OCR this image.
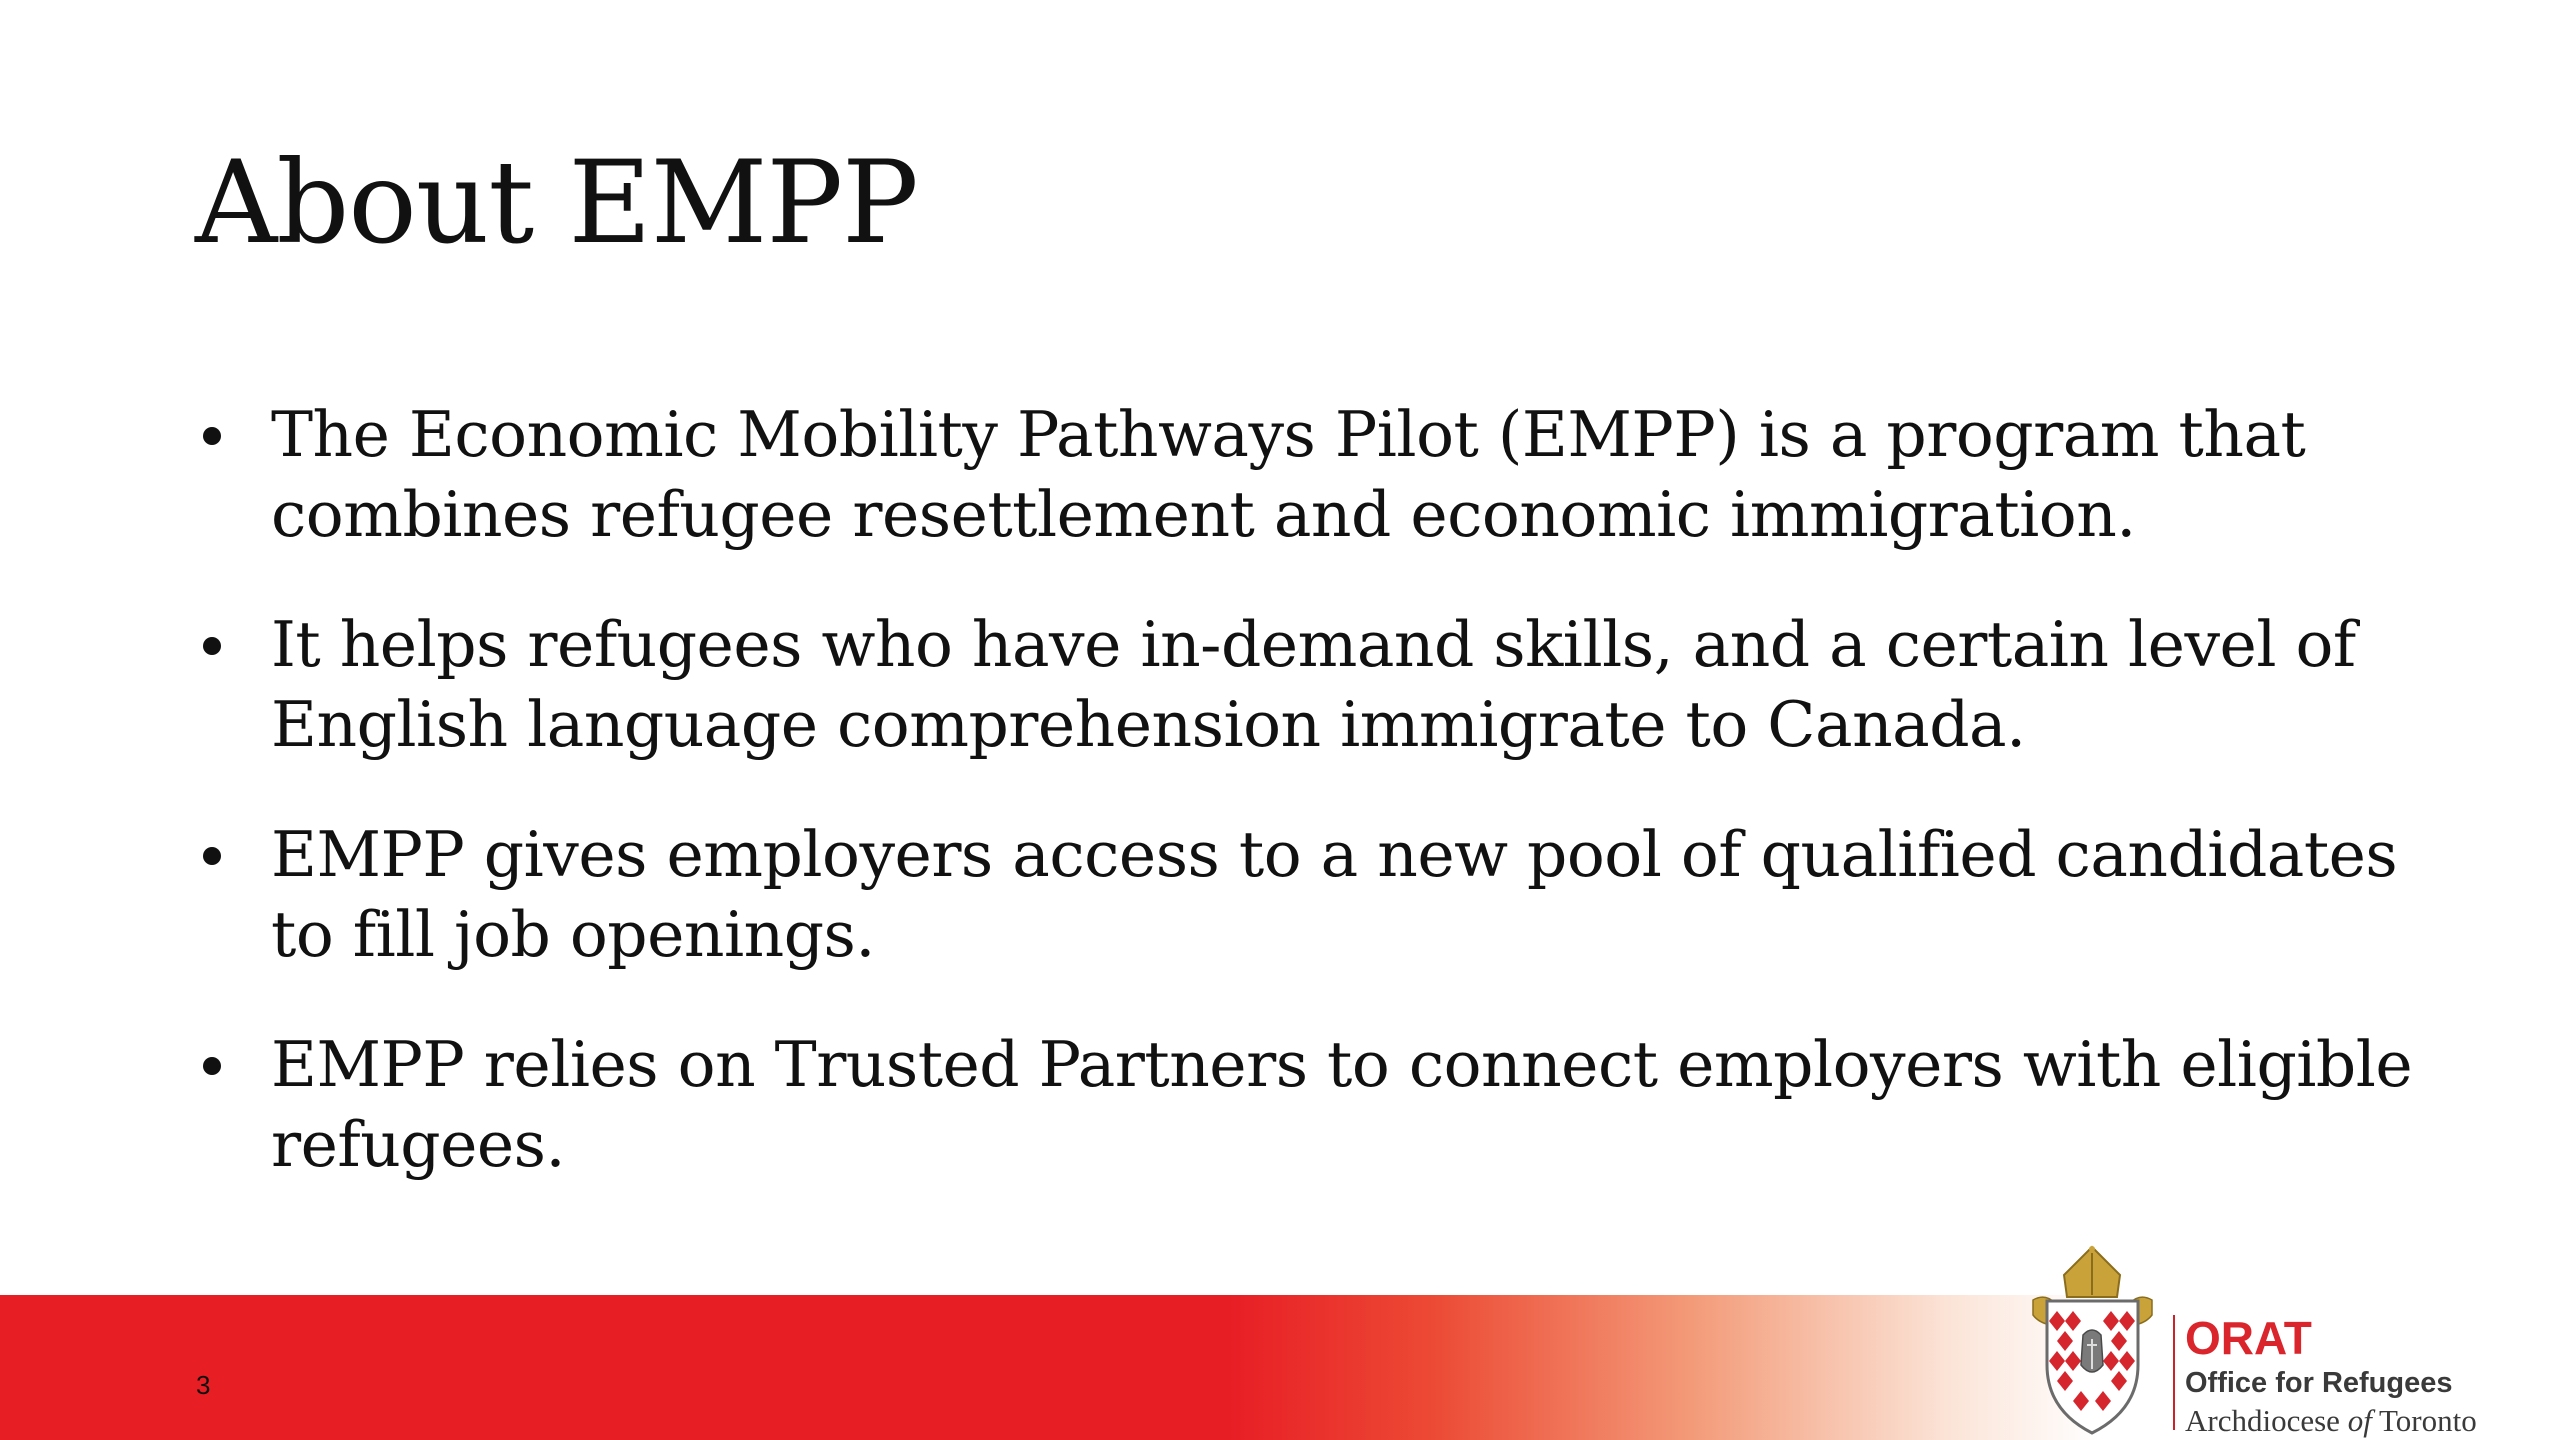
About EMPP
The Economic Mobility Pathways Pilot (EMPP) is a program that combines refugee resettlement and economic immigration.
It helps refugees who have in-demand skills, and a certain level of English language comprehension immigrate to Canada.
EMPP gives employers access to a new pool of qualified candidates to fill job openings.
EMPP relies on Trusted Partners to connect employers with eligible refugees.
3
ORAT
Office for Refugees
Archdiocese of Toronto
